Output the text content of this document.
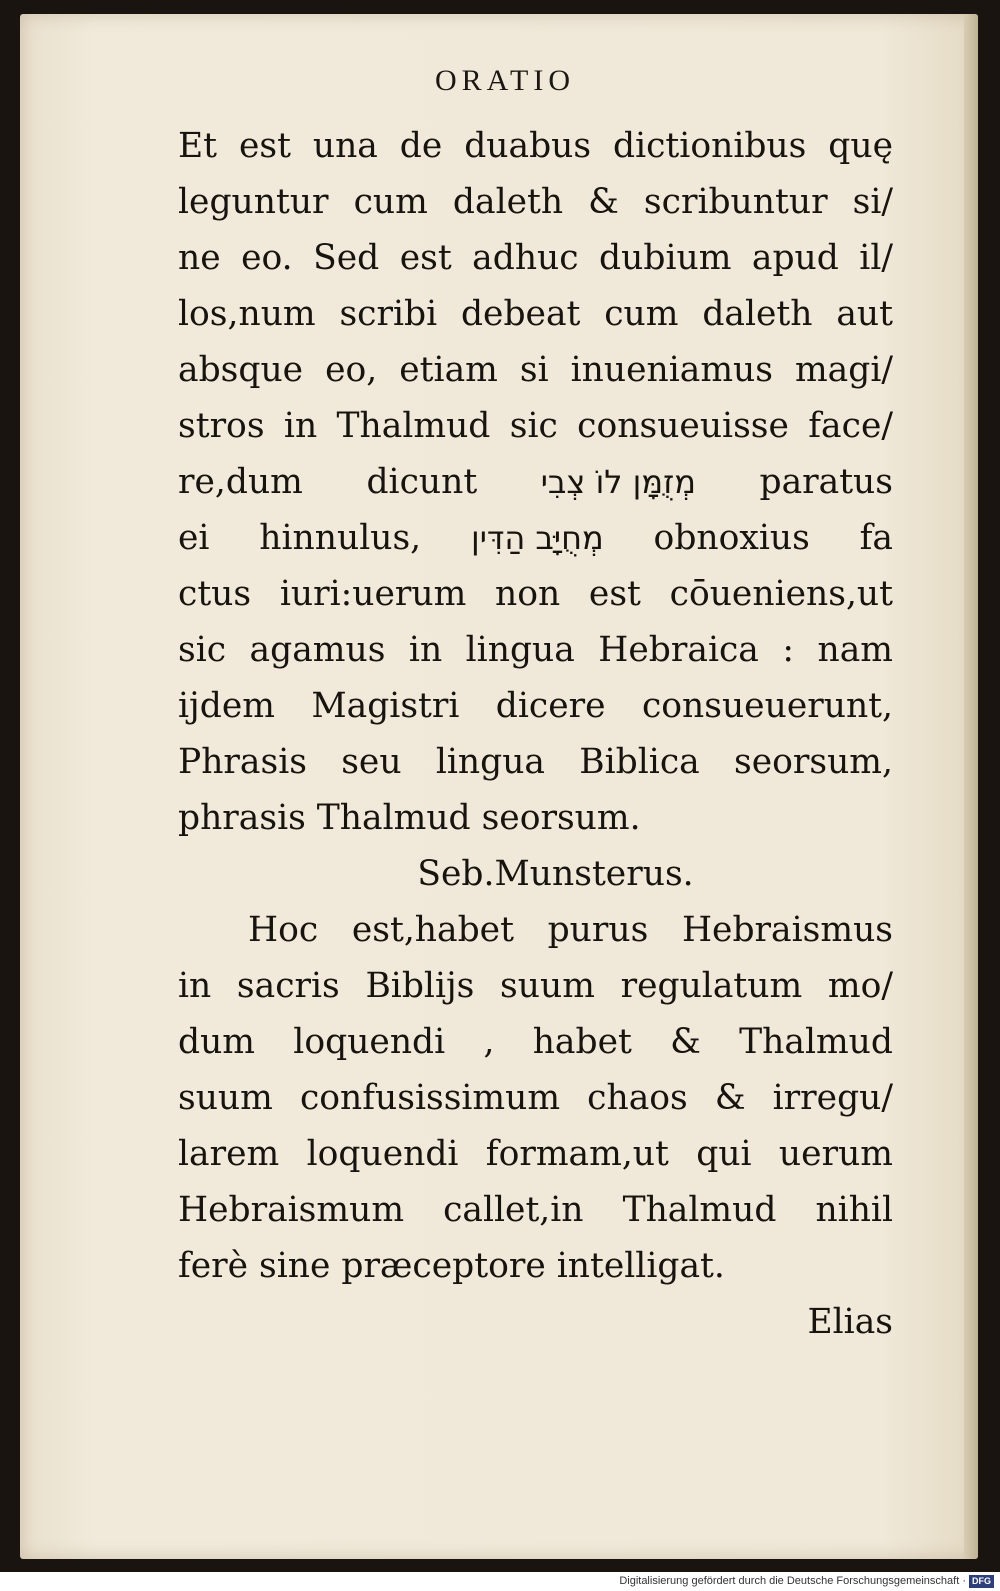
ORATIO
Et est una de duabus dictionibus quę
leguntur cum daleth & scribuntur si/
ne eo. Sed est adhuc dubium apud il/
los,num scribi debeat cum daleth aut
absque eo, etiam si inueniamus magi/
stros in Thalmud sic consueuisse face/
re,dum dicunt מְזֻמָּן לוֹ צְבִי paratus
ei hinnulus, מְחֻיָּב הַדִּין obnoxius fa
ctus iuri:uerum non est cōueniens,ut
sic agamus in lingua Hebraica : nam
ijdem Magistri dicere consueuerunt,
Phrasis seu lingua Biblica seorsum,
phrasis Thalmud seorsum.
Seb.Munsterus.
Hoc est,habet purus Hebraismus
in sacris Biblijs suum regulatum mo/
dum loquendi , habet & Thalmud
suum confusissimum chaos & irregu/
larem loquendi formam,ut qui uerum
Hebraismum callet,in Thalmud nihil
ferè sine præceptore intelligat.
Elias
Digitalisierung gefördert durch die Deutsche Forschungsgemeinschaft · DFG
